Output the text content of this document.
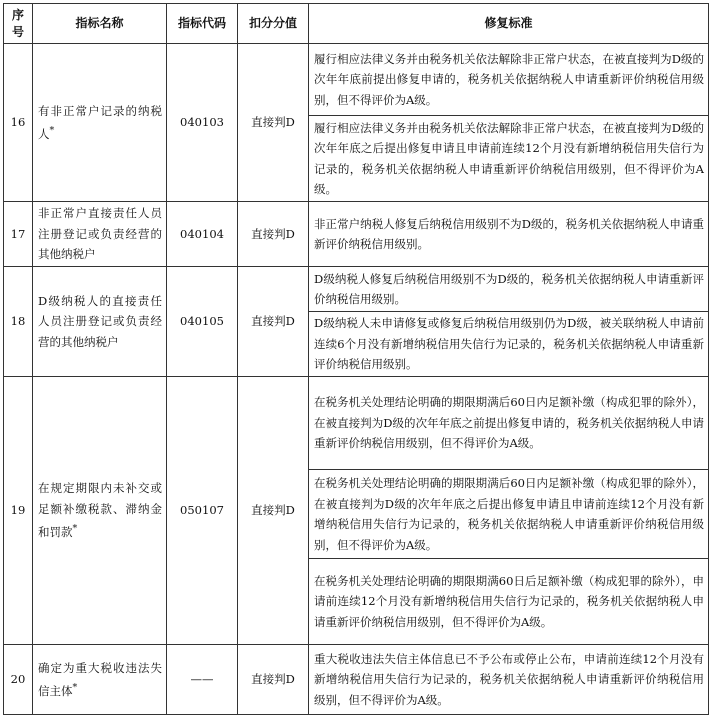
序号	指标名称	指标代码	扣分分值	修复标准
16	有非正常户记录的纳税人*	040103	直接判D	履行相应法律义务并由税务机关依法解除非正常户状态，在被直接判为D级的次年年底前提出修复申请的，税务机关依据纳税人申请重新评价纳税信用级别，但不得评价为A级。
				履行相应法律义务并由税务机关依法解除非正常户状态，在被直接判为D级的次年年底之后提出修复申请且申请前连续12个月没有新增纳税信用失信行为记录的，税务机关依据纳税人申请重新评价纳税信用级别，但不得评价为A级。
17	非正常户直接责任人员注册登记或负责经营的其他纳税户	040104	直接判D	非正常户纳税人修复后纳税信用级别不为D级的，税务机关依据纳税人申请重新评价纳税信用级别。
18	D级纳税人的直接责任人员注册登记或负责经营的其他纳税户	040105	直接判D	D级纳税人修复后纳税信用级别不为D级的，税务机关依据纳税人申请重新评价纳税信用级别。
				D级纳税人未申请修复或修复后纳税信用级别仍为D级，被关联纳税人申请前连续6个月没有新增纳税信用失信行为记录的，税务机关依据纳税人申请重新评价纳税信用级别。
19	在规定期限内未补交或足额补缴税款、滞纳金和罚款*	050107	直接判D	在税务机关处理结论明确的期限期满后60日内足额补缴（构成犯罪的除外），在被直接判为D级的次年年底之前提出修复申请的，税务机关依据纳税人申请重新评价纳税信用级别，但不得评价为A级。
				在税务机关处理结论明确的期限期满后60日内足额补缴（构成犯罪的除外），在被直接判为D级的次年年底之后提出修复申请且申请前连续12个月没有新增纳税信用失信行为记录的，税务机关依据纳税人申请重新评价纳税信用级别，但不得评价为A级。
				在税务机关处理结论明确的期限期满60日后足额补缴（构成犯罪的除外），申请前连续12个月没有新增纳税信用失信行为记录的，税务机关依据纳税人申请重新评价纳税信用级别，但不得评价为A级。
20	确定为重大税收违法失信主体*	——	直接判D	重大税收违法失信主体信息已不予公布或停止公布，申请前连续12个月没有新增纳税信用失信行为记录的，税务机关依据纳税人申请重新评价纳税信用级别，但不得评价为A级。
